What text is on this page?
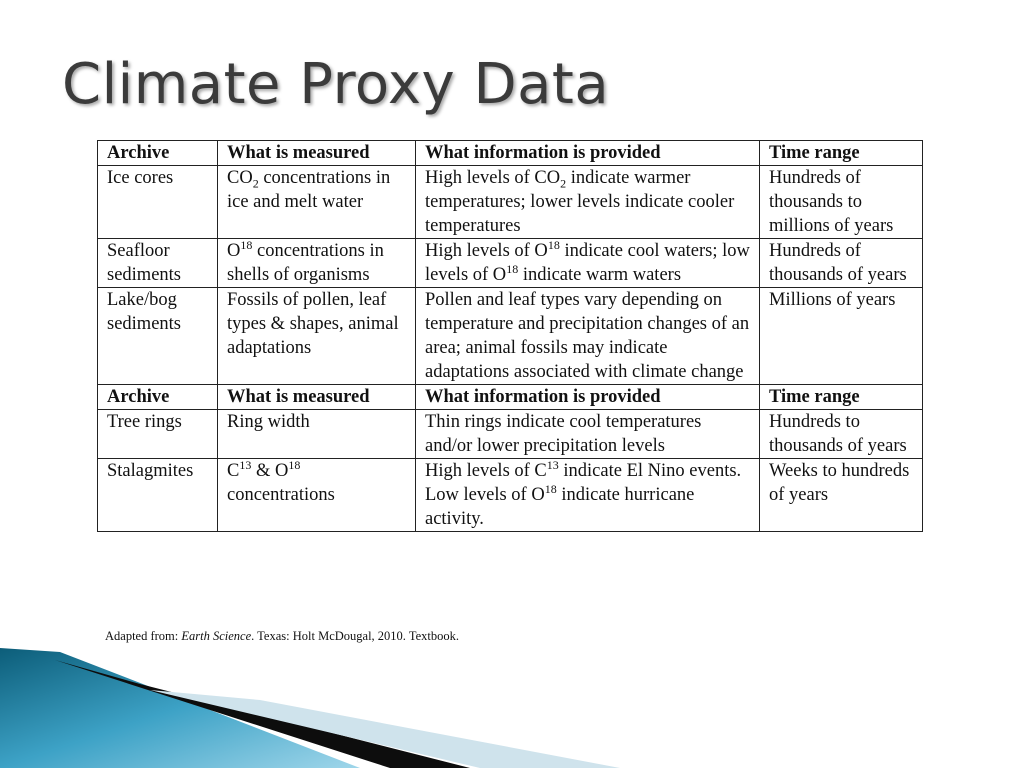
Climate Proxy Data
Archive	What is measured	What information is provided	Time range
Ice cores	$CO_2$ concentrations in ice and melt water	High levels of $CO_2$ indicate warmer temperatures; lower levels indicate cooler temperatures	Hundreds of thousands to millions of years
Seafloor sediments	$O^{18}$ concentrations in shells of organisms	High levels of $O^{18}$ indicate cool waters; low levels of $O^{18}$ indicate warm waters	Hundreds of thousands of years
Lake/bog sediments	Fossils of pollen, leaf types & shapes, animal adaptations	Pollen and leaf types vary depending on temperature and precipitation changes of an area; animal fossils may indicate adaptations associated with climate change	Millions of years
Archive	What is measured	What information is provided	Time range
Tree rings	Ring width	Thin rings indicate cool temperatures and/or lower precipitation levels	Hundreds to thousands of years
Stalagmites	$C^{13}$ & $O^{18}$ concentrations	High levels of $C^{13}$ indicate El Nino events. Low levels of $O^{18}$ indicate hurricane activity.	Weeks to hundreds of years
Adapted from: Earth Science. Texas: Holt McDougal, 2010. Textbook.
